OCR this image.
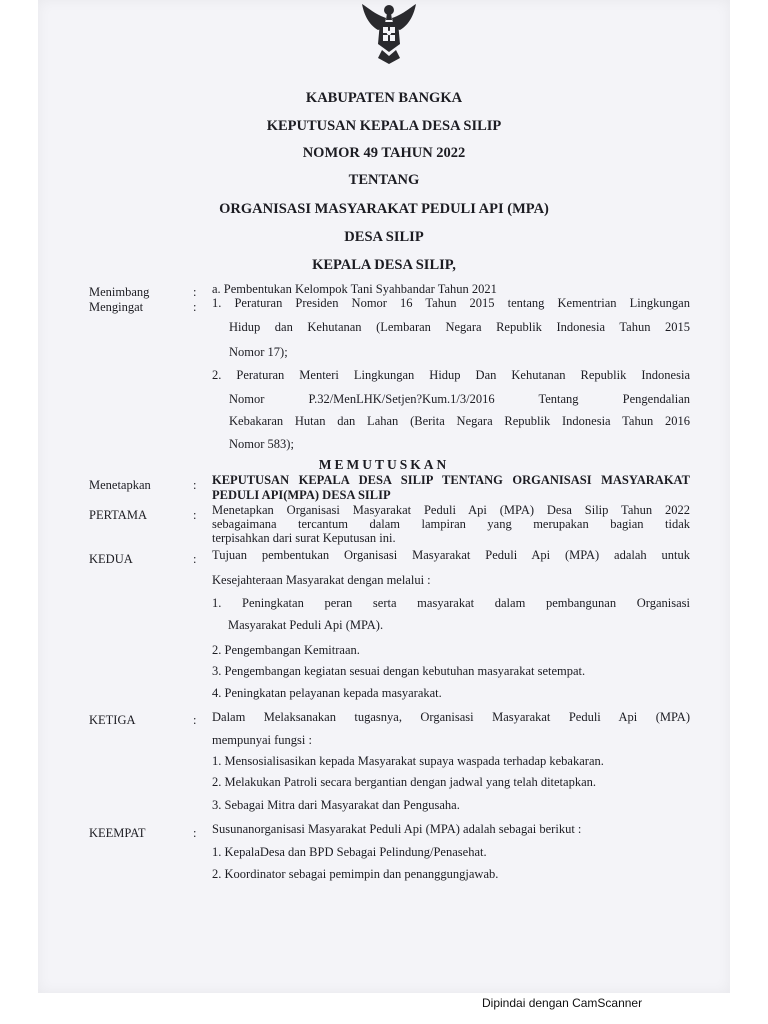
KABUPATEN BANGKA
KEPUTUSAN KEPALA DESA SILIP
NOMOR 49 TAHUN 2022
TENTANG
ORGANISASI MASYARAKAT PEDULI API (MPA)
DESA SILIP
KEPALA DESA SILIP,
Menimbang	: a. Pembentukan Kelompok Tani Syahbandar Tahun 2021
Mengingat	: 1. Peraturan Presiden Nomor 16 Tahun 2015 tentang Kementrian Lingkungan
Hidup dan Kehutanan (Lembaran Negara Republik Indonesia Tahun 2015
Nomor 17);
2. Peraturan Menteri Lingkungan Hidup Dan Kehutanan Republik Indonesia
Nomor P.32/MenLHK/Setjen?Kum.1/3/2016 Tentang Pengendalian
Kebakaran Hutan dan Lahan (Berita Negara Republik Indonesia Tahun 2016
Nomor 583);
MEMUTUSKAN
Menetapkan	: KEPUTUSAN KEPALA DESA SILIP TENTANG ORGANISASI MASYARAKAT
PEDULI API(MPA) DESA SILIP
PERTAMA	: Menetapkan Organisasi Masyarakat Peduli Api (MPA) Desa Silip Tahun 2022
sebagaimana tercantum dalam lampiran yang merupakan bagian tidak
terpisahkan dari surat Keputusan ini.
KEDUA	: Tujuan pembentukan Organisasi Masyarakat Peduli Api (MPA) adalah untuk
Kesejahteraan Masyarakat dengan melalui :
1. Peningkatan peran serta masyarakat dalam pembangunan Organisasi
Masyarakat Peduli Api (MPA).
2. Pengembangan Kemitraan.
3. Pengembangan kegiatan sesuai dengan kebutuhan masyarakat setempat.
4. Peningkatan pelayanan kepada masyarakat.
KETIGA	: Dalam Melaksanakan tugasnya, Organisasi Masyarakat Peduli Api (MPA)
mempunyai fungsi :
1. Mensosialisasikan kepada Masyarakat supaya waspada terhadap kebakaran.
2. Melakukan Patroli secara bergantian dengan jadwal yang telah ditetapkan.
3. Sebagai Mitra dari Masyarakat dan Pengusaha.
KEEMPAT	: Susunanorganisasi Masyarakat Peduli Api (MPA) adalah sebagai berikut :
1. KepalaDesa dan BPD Sebagai Pelindung/Penasehat.
2. Koordinator sebagai pemimpin dan penanggungjawab.
Dipindai dengan CamScanner
